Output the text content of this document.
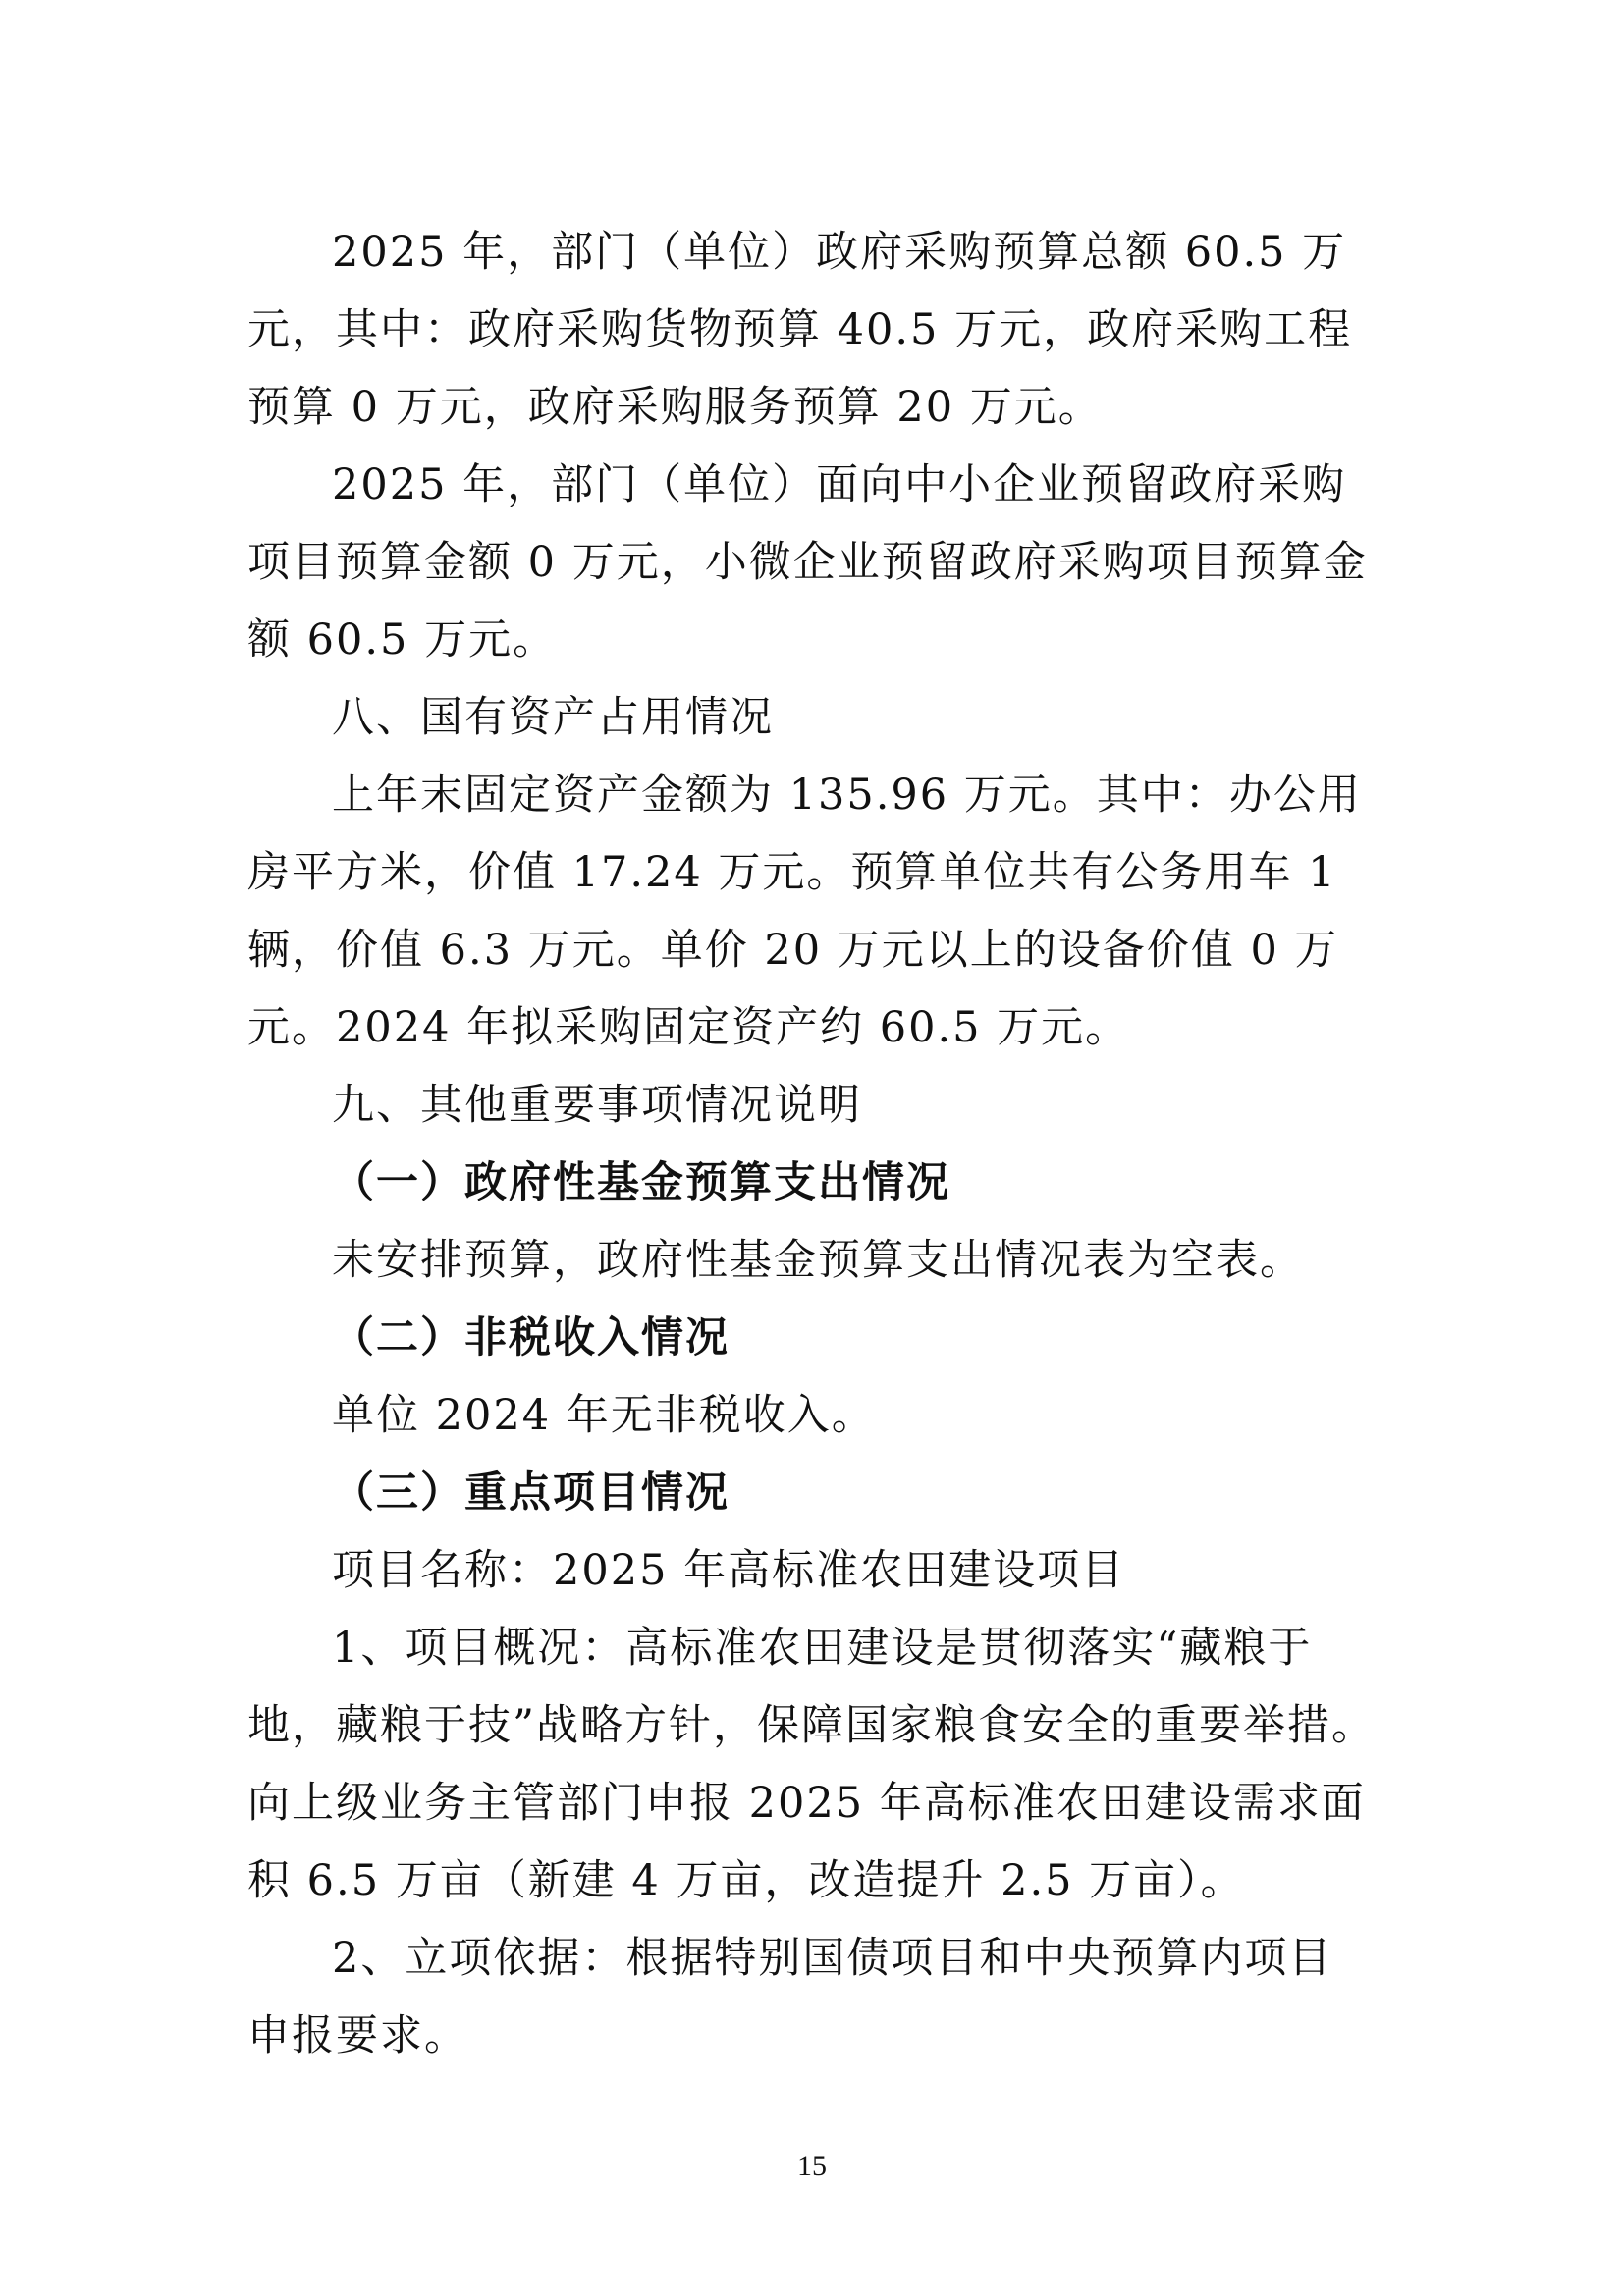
2025 年，部门（单位）政府采购预算总额 60.5 万元，其中：政府采购货物预算 40.5 万元，政府采购工程预算 0 万元，政府采购服务预算 20 万元。

2025 年，部门（单位）面向中小企业预留政府采购项目预算金额 0 万元，小微企业预留政府采购项目预算金额 60.5 万元。

八、国有资产占用情况

上年末固定资产金额为 135.96 万元。其中：办公用房平方米，价值 17.24 万元。预算单位共有公务用车 1 辆，价值 6.3 万元。单价 20 万元以上的设备价值 0 万元。2024 年拟采购固定资产约 60.5 万元。

九、其他重要事项情况说明

（一）政府性基金预算支出情况

未安排预算，政府性基金预算支出情况表为空表。

（二）非税收入情况

单位 2024 年无非税收入。

（三）重点项目情况

项目名称：2025 年高标准农田建设项目

1、项目概况：高标准农田建设是贯彻落实“藏粮于地，藏粮于技”战略方针，保障国家粮食安全的重要举措。向上级业务主管部门申报 2025 年高标准农田建设需求面积 6.5 万亩（新建 4 万亩，改造提升 2.5 万亩）。

2、立项依据：根据特别国债项目和中央预算内项目申报要求。

15
